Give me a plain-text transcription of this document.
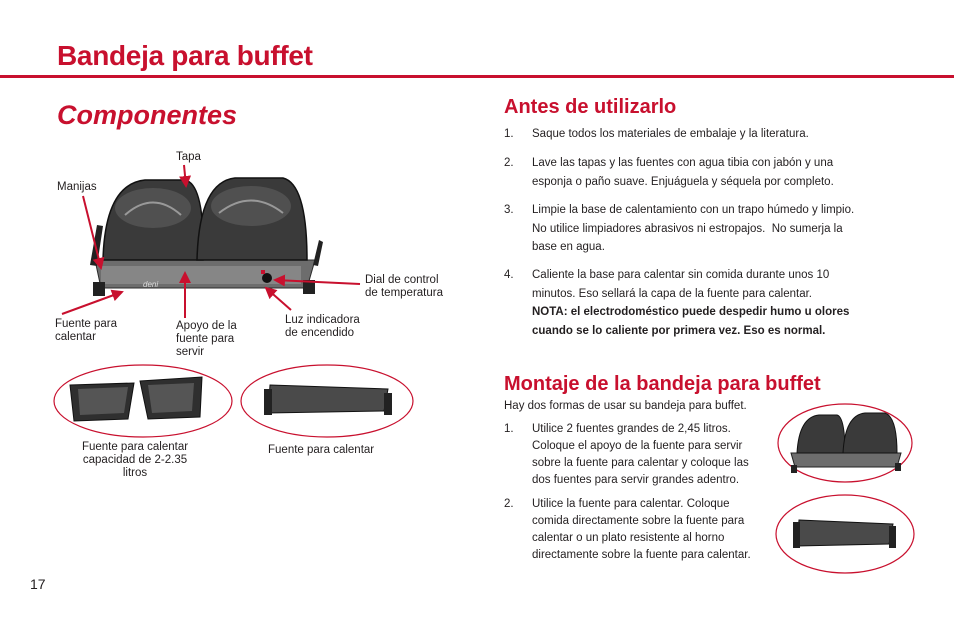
Bandeja para buffet
Componentes
deni
Tapa
Manijas
Dial de control
de temperatura
Fuente para
calentar
Apoyo de la
fuente para
servir
Luz indicadora
de encendido
Fuente para calentar
capacidad de 2-2.35
litros
Fuente para calentar
Antes de utilizarlo
1. Saque todos los materiales de embalaje y la literatura.
2. Lave las tapas y las fuentes con agua tibia con jabón y una
esponja o paño suave. Enjuáguela y séquela por completo.
3. Limpie la base de calentamiento con un trapo húmedo y limpio.
No utilice limpiadores abrasivos ni estropajos.  No sumerja la
base en agua.
4. Caliente la base para calentar sin comida durante unos 10
minutos. Eso sellará la capa de la fuente para calentar.
NOTA: el electrodoméstico puede despedir humo u olores
cuando se lo caliente por primera vez. Eso es normal.
Montaje de la bandeja para buffet
Hay dos formas de usar su bandeja para buffet.
1. Utilice 2 fuentes grandes de 2,45 litros.
Coloque el apoyo de la fuente para servir
sobre la fuente para calentar y coloque las
dos fuentes para servir grandes adentro.
2. Utilice la fuente para calentar. Coloque
comida directamente sobre la fuente para
calentar o un plato resistente al horno
directamente sobre la fuente para calentar.
17
